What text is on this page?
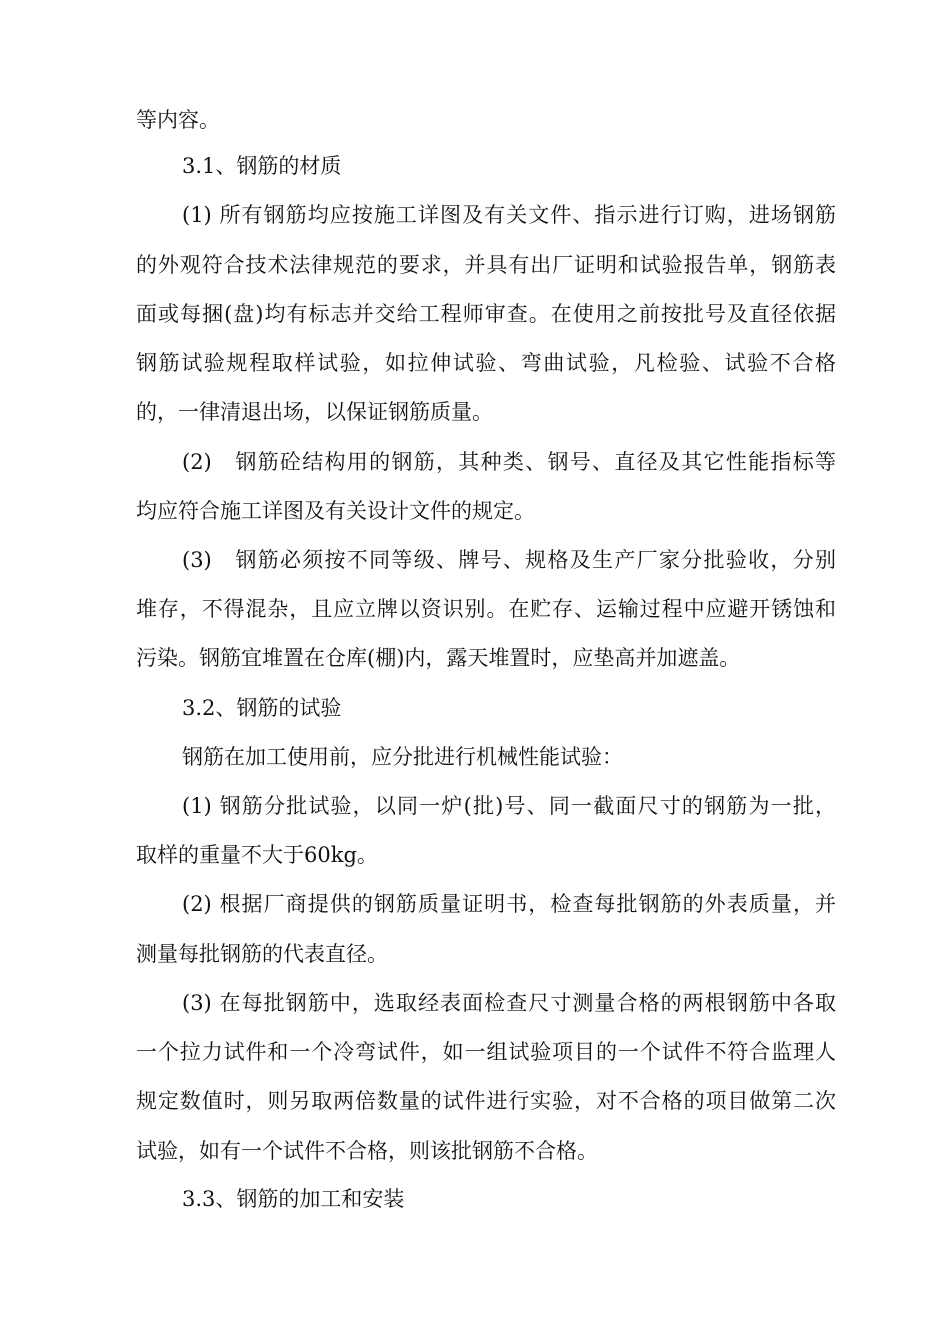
等内容。
3.1、钢筋的材质
(1) 所有钢筋均应按施工详图及有关文件、指示进行订购，进场钢筋
的外观符合技术法律规范的要求，并具有出厂证明和试验报告单，钢筋表
面或每捆(盘)均有标志并交给工程师审查。在使用之前按批号及直径依据
钢筋试验规程取样试验，如拉伸试验、弯曲试验，凡检验、试验不合格
的，一律清退出场，以保证钢筋质量。
(2)　钢筋砼结构用的钢筋，其种类、钢号、直径及其它性能指标等
均应符合施工详图及有关设计文件的规定。
(3)　钢筋必须按不同等级、牌号、规格及生产厂家分批验收，分别
堆存，不得混杂，且应立牌以资识别。在贮存、运输过程中应避开锈蚀和
污染。钢筋宜堆置在仓库(棚)内，露天堆置时，应垫高并加遮盖。
3.2、钢筋的试验
钢筋在加工使用前，应分批进行机械性能试验：
(1) 钢筋分批试验，以同一炉(批)号、同一截面尺寸的钢筋为一批，
取样的重量不大于60kg。
(2) 根据厂商提供的钢筋质量证明书，检查每批钢筋的外表质量，并
测量每批钢筋的代表直径。
(3) 在每批钢筋中，选取经表面检查尺寸测量合格的两根钢筋中各取
一个拉力试件和一个冷弯试件，如一组试验项目的一个试件不符合监理人
规定数值时，则另取两倍数量的试件进行实验，对不合格的项目做第二次
试验，如有一个试件不合格，则该批钢筋不合格。
3.3、钢筋的加工和安装
